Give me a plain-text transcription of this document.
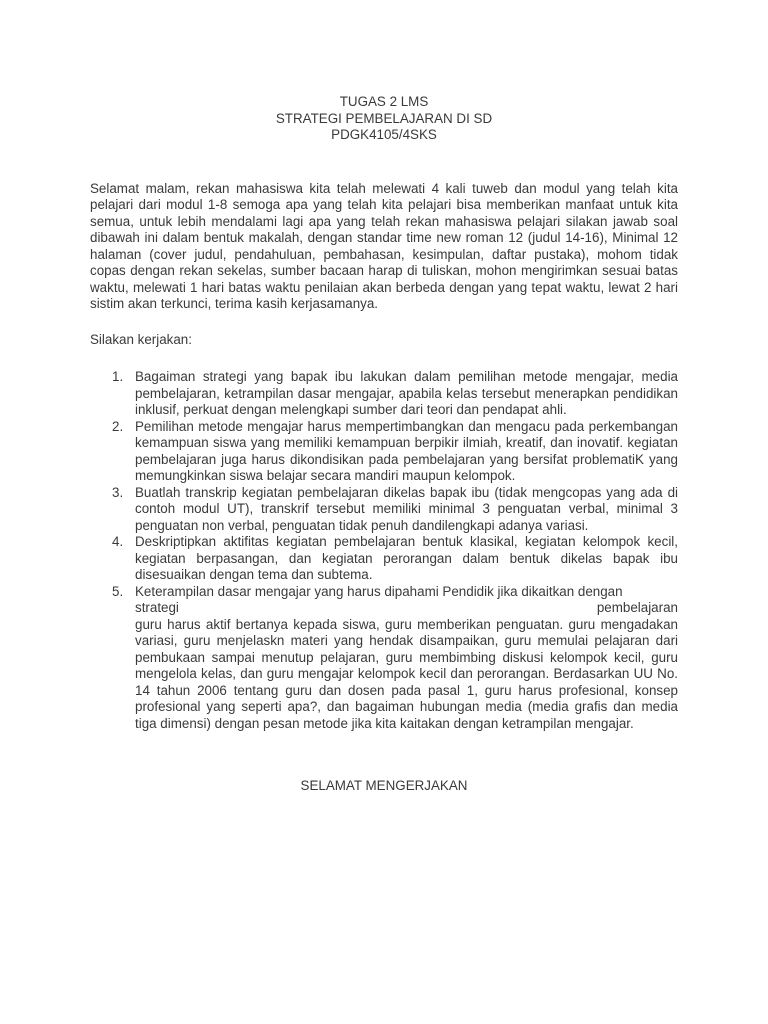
TUGAS 2 LMS
STRATEGI PEMBELAJARAN DI SD
PDGK4105/4SKS

Selamat malam, rekan mahasiswa kita telah melewati 4 kali tuweb dan modul yang telah kita pelajari dari modul 1-8 semoga apa yang telah kita pelajari bisa memberikan manfaat untuk kita semua, untuk lebih mendalami lagi apa yang telah rekan mahasiswa pelajari silakan jawab soal dibawah ini dalam bentuk makalah, dengan standar time new roman 12 (judul 14-16), Minimal 12 halaman (cover judul, pendahuluan, pembahasan, kesimpulan, daftar pustaka), mohom tidak copas dengan rekan sekelas, sumber bacaan harap di tuliskan, mohon mengirimkan sesuai batas waktu, melewati 1 hari batas waktu penilaian akan berbeda dengan yang tepat waktu, lewat 2 hari sistim akan terkunci, terima kasih kerjasamanya.

Silakan kerjakan:

1. Bagaiman strategi yang bapak ibu lakukan dalam pemilihan metode mengajar, media pembelajaran, ketrampilan dasar mengajar, apabila kelas tersebut menerapkan pendidikan inklusif, perkuat dengan melengkapi sumber dari teori dan pendapat ahli.
2. Pemilihan metode mengajar harus mempertimbangkan dan mengacu pada perkembangan kemampuan siswa yang memiliki kemampuan berpikir ilmiah, kreatif, dan inovatif. kegiatan pembelajaran juga harus dikondisikan pada pembelajaran yang bersifat problematiK yang memungkinkan siswa belajar secara mandiri maupun kelompok.
3. Buatlah transkrip kegiatan pembelajaran dikelas bapak ibu (tidak mengcopas yang ada di contoh modul UT), transkrif tersebut memiliki minimal 3 penguatan verbal, minimal 3 penguatan non verbal, penguatan tidak penuh dandilengkapi adanya variasi.
4. Deskriptipkan aktifitas kegiatan pembelajaran bentuk klasikal, kegiatan kelompok kecil, kegiatan berpasangan, dan kegiatan perorangan dalam bentuk dikelas bapak ibu disesuaikan dengan tema dan subtema.
5. Keterampilan dasar mengajar yang harus dipahami Pendidik jika dikaitkan dengan
strategi	pembelajaran
guru harus aktif bertanya kepada siswa, guru memberikan penguatan. guru mengadakan variasi, guru menjelaskn materi yang hendak disampaikan, guru memulai pelajaran dari pembukaan sampai menutup pelajaran, guru membimbing diskusi kelompok kecil, guru mengelola kelas, dan guru mengajar kelompok kecil dan perorangan. Berdasarkan UU No. 14 tahun 2006 tentang guru dan dosen pada pasal 1, guru harus profesional, konsep profesional yang seperti apa?, dan bagaiman hubungan media (media grafis dan media tiga dimensi) dengan pesan metode jika kita kaitakan dengan ketrampilan mengajar.
SELAMAT MENGERJAKAN
